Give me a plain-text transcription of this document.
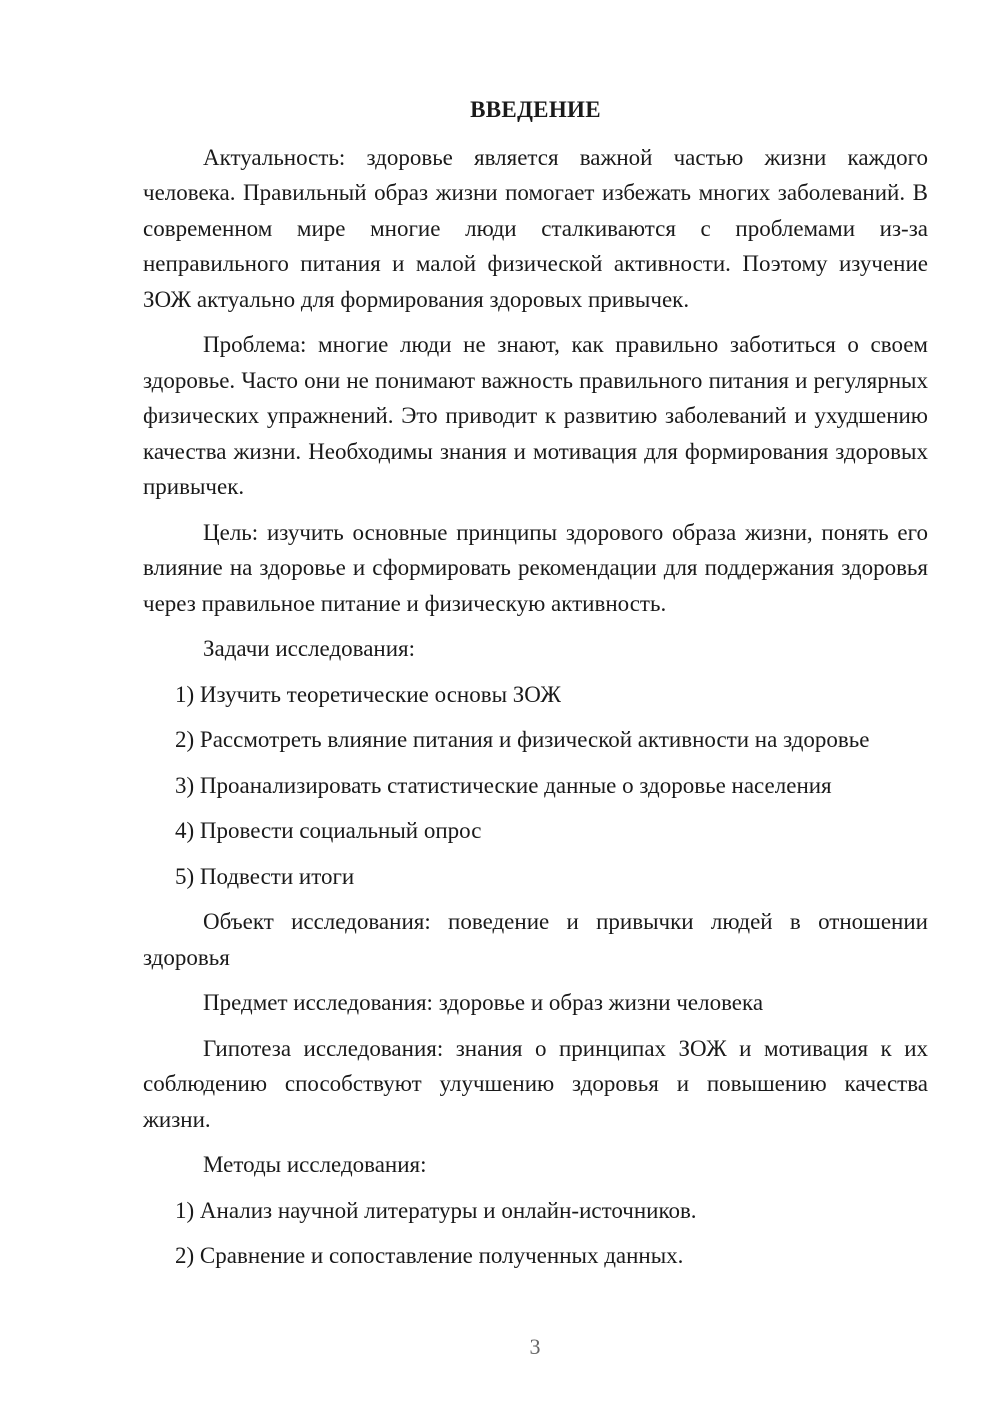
ВВЕДЕНИЕ

Актуальность: здоровье является важной частью жизни каждого человека. Правильный образ жизни помогает избежать многих заболеваний. В современном мире многие люди сталкиваются с проблемами из-за неправильного питания и малой физической активности. Поэтому изучение ЗОЖ актуально для формирования здоровых привычек.

Проблема: многие люди не знают, как правильно заботиться о своем здоровье. Часто они не понимают важность правильного питания и регулярных физических упражнений. Это приводит к развитию заболеваний и ухудшению качества жизни. Необходимы знания и мотивация для формирования здоровых привычек.

Цель: изучить основные принципы здорового образа жизни, понять его влияние на здоровье и сформировать рекомендации для поддержания здоровья через правильное питание и физическую активность.

Задачи исследования:

1) Изучить теоретические основы ЗОЖ
2) Рассмотреть влияние питания и физической активности на здоровье
3) Проанализировать статистические данные о здоровье населения
4) Провести социальный опрос
5) Подвести итоги

Объект исследования: поведение и привычки людей в отношении здоровья

Предмет исследования: здоровье и образ жизни человека

Гипотеза исследования: знания о принципах ЗОЖ и мотивация к их соблюдению способствуют улучшению здоровья и повышению качества жизни.

Методы исследования:

1) Анализ научной литературы и онлайн-источников.
2) Сравнение и сопоставление полученных данных.
3
